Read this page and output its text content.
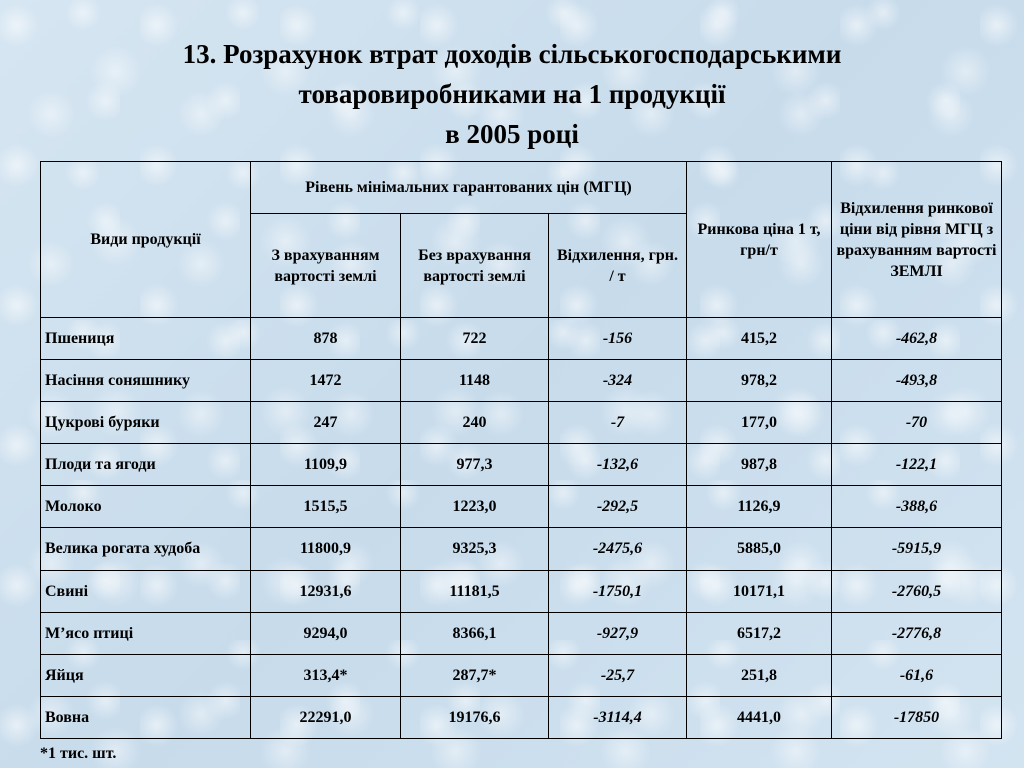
13. Розрахунок втрат доходів сільськогосподарськими
товаровиробниками на 1 продукції
в 2005 році
Види продукції	Рівень мінімальних гарантованих цін (МГЦ)			Ринкова ціна 1 т, грн/т	Відхилення ринкової ціни від рівня МГЦ з врахуванням вартості ЗЕМЛІ
	З врахуванням вартості землі	Без врахування вартості землі	Відхилення, грн. / т		
Пшениця	878	722	-156	415,2	-462,8
Насіння соняшнику	1472	1148	-324	978,2	-493,8
Цукрові буряки	247	240	-7	177,0	-70
Плоди та ягоди	1109,9	977,3	-132,6	987,8	-122,1
Молоко	1515,5	1223,0	-292,5	1126,9	-388,6
Велика рогата худоба	11800,9	9325,3	-2475,6	5885,0	-5915,9
Свині	12931,6	11181,5	-1750,1	10171,1	-2760,5
М’ясо птиці	9294,0	8366,1	-927,9	6517,2	-2776,8
Яйця	313,4*	287,7*	-25,7	251,8	-61,6
Вовна	22291,0	19176,6	-3114,4	4441,0	-17850
*1 тис. шт.
